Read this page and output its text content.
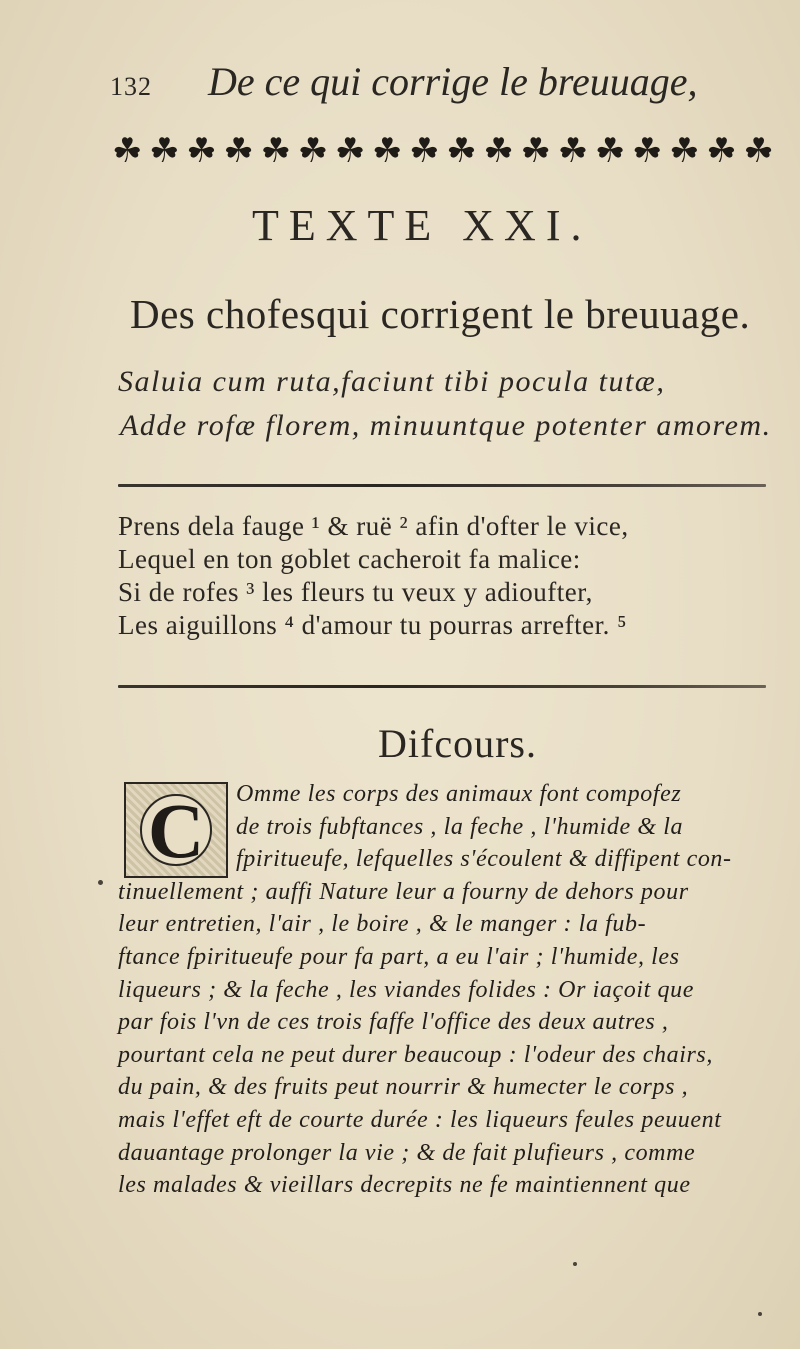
132 De ce qui corrige le breuuage,
☘ ☘ ☘ ☘ ☘ ☘ ☘ ☘ ☘ ☘ ☘ ☘ ☘ ☘ ☘ ☘ ☘ ☘
TEXTE XXI.
Des chofesqui corrigent le breuuage.
Saluia cum ruta,faciunt tibi pocula tutæ,
Adde rofæ florem, minuuntque potenter amorem.
Prens dela fauge ¹ & ruë ² afin d'ofter le vice,
Lequel en ton goblet cacheroit fa malice:
Si de rofes ³ les fleurs tu veux y adioufter,
Les aiguillons ⁴ d'amour tu pourras arrefter. ⁵
Difcours.
C	Omme les corps des animaux font compofez
de trois fubftances , la feche , l'humide & la
fpiritueufe, lefquelles s'écoulent & diffipent con-
tinuellement ; auffi Nature leur a fourny de dehors pour
leur entretien, l'air , le boire , & le manger : la fub-
ftance fpiritueufe pour fa part, a eu l'air ; l'humide, les
liqueurs ; & la feche , les viandes folides : Or iaçoit que
par fois l'vn de ces trois faffe l'office des deux autres ,
pourtant cela ne peut durer beaucoup : l'odeur des chairs,
du pain, & des fruits peut nourrir & humecter le corps ,
mais l'effet eft de courte durée : les liqueurs feules peuuent
dauantage prolonger la vie ; & de fait plufieurs , comme
les malades & vieillars decrepits ne fe maintiennent que
